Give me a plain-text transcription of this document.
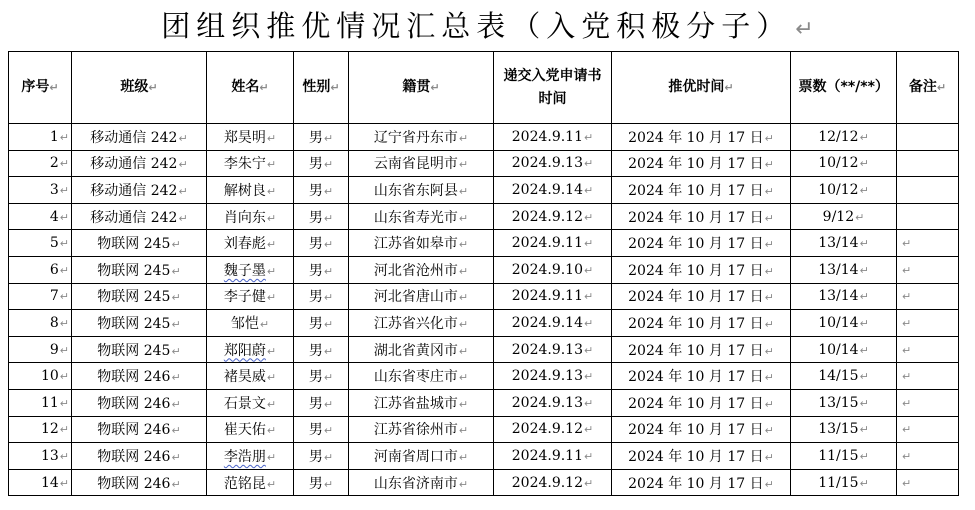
团组织推优情况汇总表（入党积极分子） ↵
序号↵	班级↵	姓名↵	性别↵	籍贯↵	递交入党申请书时间	推优时间↵	票数（**/**）	备注↵
1↵	移动通信 242↵	郑昊明↵	男↵	辽宁省丹东市↵	2024.9.11↵	2024 年 10 月 17 日↵	12/12↵	
2↵	移动通信 242↵	李朱宁↵	男↵	云南省昆明市↵	2024.9.13↵	2024 年 10 月 17 日↵	10/12↵	
3↵	移动通信 242↵	解树良↵	男↵	山东省东阿县↵	2024.9.14↵	2024 年 10 月 17 日↵	10/12↵	
4↵	移动通信 242↵	肖向东↵	男↵	山东省寿光市↵	2024.9.12↵	2024 年 10 月 17 日↵	9/12↵	
5↵	物联网 245↵	刘春彪↵	男↵	江苏省如皋市↵	2024.9.11↵	2024 年 10 月 17 日↵	13/14↵	↵
6↵	物联网 245↵	魏子墨↵	男↵	河北省沧州市↵	2024.9.10↵	2024 年 10 月 17 日↵	13/14↵	↵
7↵	物联网 245↵	李子健↵	男↵	河北省唐山市↵	2024.9.11↵	2024 年 10 月 17 日↵	13/14↵	↵
8↵	物联网 245↵	邹恺↵	男↵	江苏省兴化市↵	2024.9.14↵	2024 年 10 月 17 日↵	10/14↵	↵
9↵	物联网 245↵	郑阳蔚↵	男↵	湖北省黄冈市↵	2024.9.13↵	2024 年 10 月 17 日↵	10/14↵	↵
10↵	物联网 246↵	褚昊威↵	男↵	山东省枣庄市↵	2024.9.13↵	2024 年 10 月 17 日↵	14/15↵	↵
11↵	物联网 246↵	石景文↵	男↵	江苏省盐城市↵	2024.9.13↵	2024 年 10 月 17 日↵	13/15↵	↵
12↵	物联网 246↵	崔天佑↵	男↵	江苏省徐州市↵	2024.9.12↵	2024 年 10 月 17 日↵	13/15↵	↵
13↵	物联网 246↵	李浩朋↵	男↵	河南省周口市↵	2024.9.11↵	2024 年 10 月 17 日↵	11/15↵	↵
14↵	物联网 246↵	范铭昆↵	男↵	山东省济南市↵	2024.9.12↵	2024 年 10 月 17 日↵	11/15↵	↵
